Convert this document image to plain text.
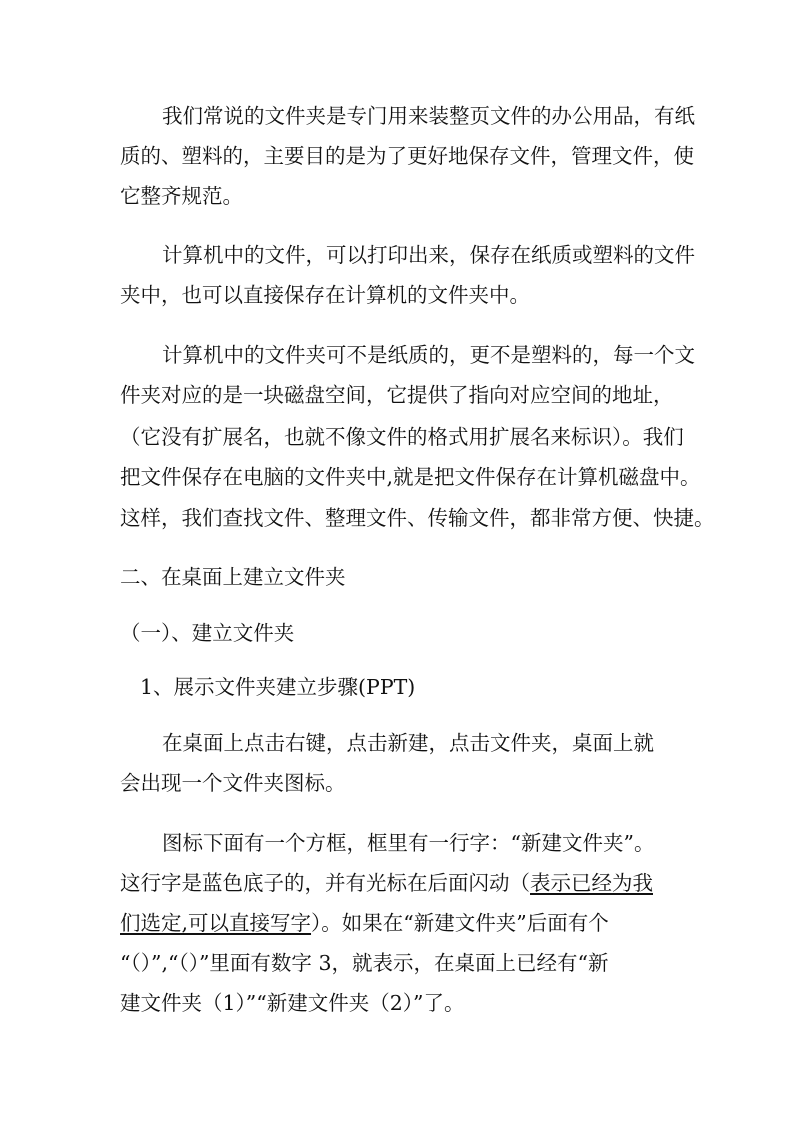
我们常说的文件夹是专门用来装整页文件的办公用品，有纸
质的、塑料的，主要目的是为了更好地保存文件，管理文件，使
它整齐规范。
计算机中的文件，可以打印出来，保存在纸质或塑料的文件
夹中，也可以直接保存在计算机的文件夹中。
计算机中的文件夹可不是纸质的，更不是塑料的，每一个文
件夹对应的是一块磁盘空间，它提供了指向对应空间的地址，
（它没有扩展名，也就不像文件的格式用扩展名来标识）。我们
把文件保存在电脑的文件夹中,就是把文件保存在计算机磁盘中。
这样，我们查找文件、整理文件、传输文件，都非常方便、快捷。
二、在桌面上建立文件夹
（一）、建立文件夹
1、展示文件夹建立步骤(PPT)
在桌面上点击右键，点击新建，点击文件夹，桌面上就
会出现一个文件夹图标。
图标下面有一个方框，框里有一行字：“新建文件夹”。
这行字是蓝色底子的，并有光标在后面闪动（表示已经为我
们选定,可以直接写字）。如果在“新建文件夹”后面有个
“（）”,“（）”里面有数字 3，就表示，在桌面上已经有“新
建文件夹（1）”“新建文件夹（2）”了。
